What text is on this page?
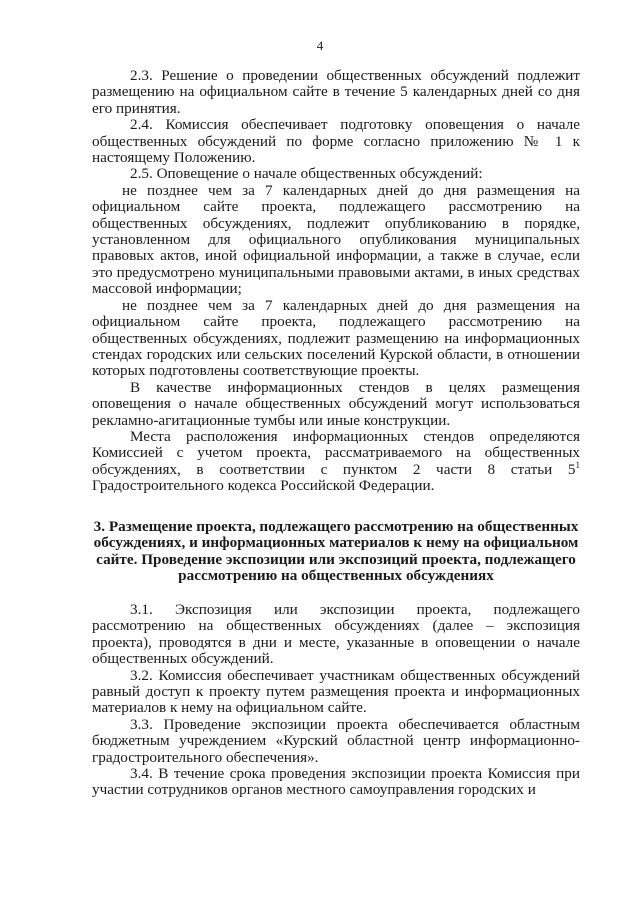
4

2.3. Решение о проведении общественных обсуждений подлежит размещению на официальном сайте в течение 5 календарных дней со дня его принятия.

2.4. Комиссия обеспечивает подготовку оповещения о начале общественных обсуждений по форме согласно приложению № 1 к настоящему Положению.

2.5. Оповещение о начале общественных обсуждений:

не позднее чем за 7 календарных дней до дня размещения на официальном сайте проекта, подлежащего рассмотрению на общественных обсуждениях, подлежит опубликованию в порядке, установленном для официального опубликования муниципальных правовых актов, иной официальной информации, а также в случае, если это предусмотрено муниципальными правовыми актами, в иных средствах массовой информации;

не позднее чем за 7 календарных дней до дня размещения на официальном сайте проекта, подлежащего рассмотрению на общественных обсуждениях, подлежит размещению на информационных стендах городских или сельских поселений Курской области, в отношении которых подготовлены соответствующие проекты.

В качестве информационных стендов в целях размещения оповещения о начале общественных обсуждений могут использоваться рекламно-агитационные тумбы или иные конструкции.

Места расположения информационных стендов определяются Комиссией с учетом проекта, рассматриваемого на общественных обсуждениях, в соответствии с пунктом 2 части 8 статьи $5^1$ Градостроительного кодекса Российской Федерации.

3. Размещение проекта, подлежащего рассмотрению на общественных обсуждениях, и информационных материалов к нему на официальном сайте. Проведение экспозиции или экспозиций проекта, подлежащего рассмотрению на общественных обсуждениях

3.1. Экспозиция или экспозиции проекта, подлежащего рассмотрению на общественных обсуждениях (далее – экспозиция проекта), проводятся в дни и месте, указанные в оповещении о начале общественных обсуждений.

3.2. Комиссия обеспечивает участникам общественных обсуждений равный доступ к проекту путем размещения проекта и информационных материалов к нему на официальном сайте.

3.3. Проведение экспозиции проекта обеспечивается областным бюджетным учреждением «Курский областной центр информационно-градостроительного обеспечения».

3.4. В течение срока проведения экспозиции проекта Комиссия при участии сотрудников органов местного самоуправления городских и
